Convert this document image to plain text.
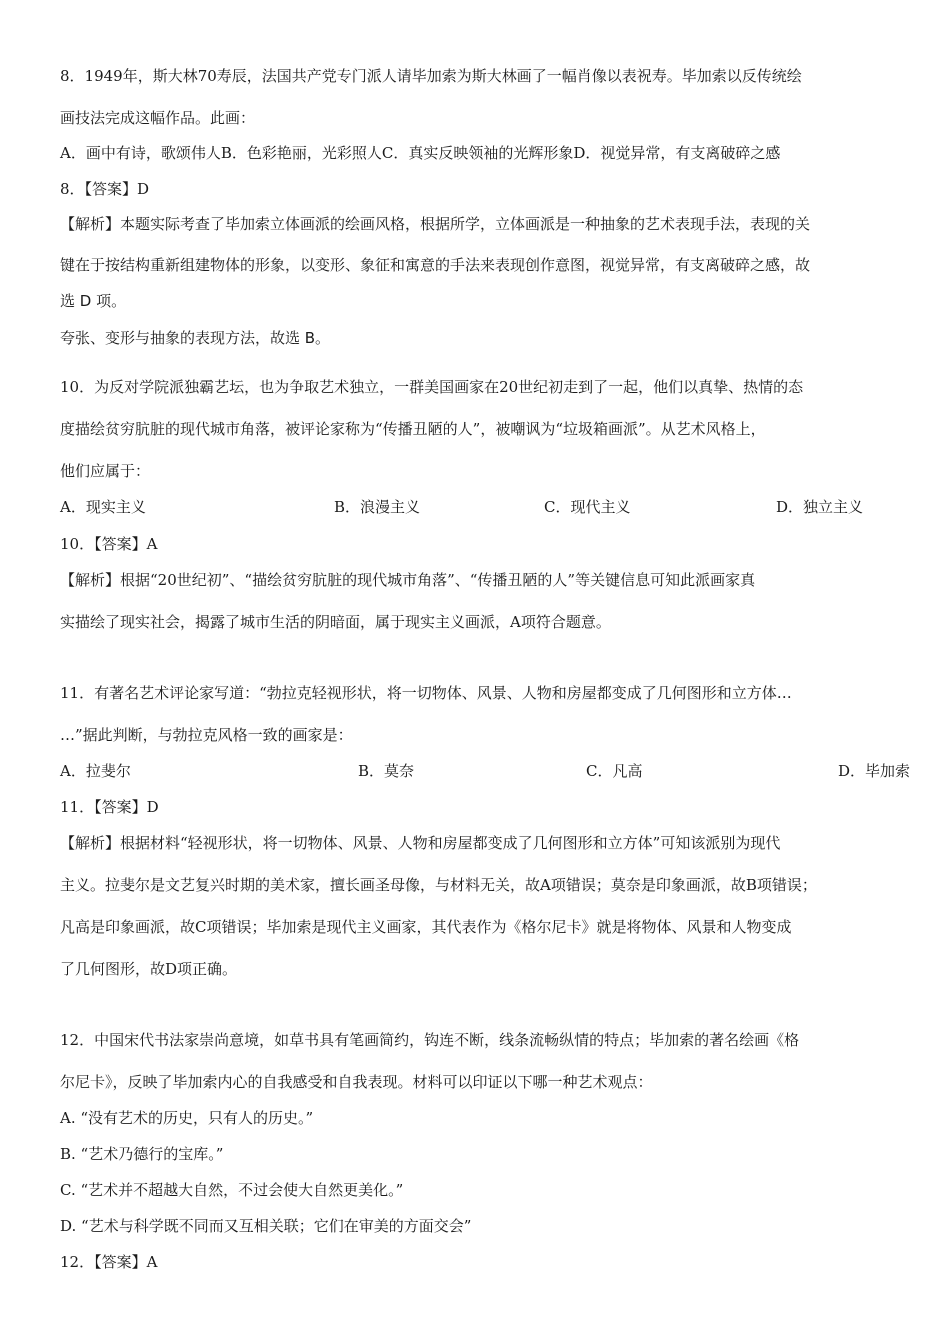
8．1949年，斯大林70寿辰，法国共产党专门派人请毕加索为斯大林画了一幅肖像以表祝寿。毕加索以反传统绘
画技法完成这幅作品。此画：
A．画中有诗，歌颂伟人B．色彩艳丽，光彩照人C．真实反映领袖的光辉形象D．视觉异常，有支离破碎之感
8．【答案】D
【解析】本题实际考查了毕加索立体画派的绘画风格，根据所学，立体画派是一种抽象的艺术表现手法，表现的关
键在于按结构重新组建物体的形象，以变形、象征和寓意的手法来表现创作意图，视觉异常，有支离破碎之感，故
选 D 项。
夸张、变形与抽象的表现方法，故选 B。
10．为反对学院派独霸艺坛，也为争取艺术独立，一群美国画家在20世纪初走到了一起，他们以真挚、热情的态
度描绘贫穷肮脏的现代城市角落，被评论家称为“传播丑陋的人”，被嘲讽为“垃圾箱画派”。从艺术风格上，
他们应属于：
A．现实主义	B．浪漫主义	C．现代主义	D．独立主义
10．【答案】A
【解析】根据“20世纪初”、“描绘贫穷肮脏的现代城市角落”、“传播丑陋的人”等关键信息可知此派画家真
实描绘了现实社会，揭露了城市生活的阴暗面，属于现实主义画派，A项符合题意。
11．有著名艺术评论家写道：“勃拉克轻视形状，将一切物体、风景、人物和房屋都变成了几何图形和立方体…
…”据此判断，与勃拉克风格一致的画家是：
A．拉斐尔	B．莫奈	C．凡高	D．毕加索
11．【答案】D
【解析】根据材料“轻视形状，将一切物体、风景、人物和房屋都变成了几何图形和立方体”可知该派别为现代
主义。拉斐尔是文艺复兴时期的美术家，擅长画圣母像，与材料无关，故A项错误；莫奈是印象画派，故B项错误；
凡高是印象画派，故C项错误；毕加索是现代主义画家，其代表作为《格尔尼卡》就是将物体、风景和人物变成
了几何图形，故D项正确。
12．中国宋代书法家崇尚意境，如草书具有笔画简约，钩连不断，线条流畅纵情的特点；毕加索的著名绘画《格
尔尼卡》，反映了毕加索内心的自我感受和自我表现。材料可以印证以下哪一种艺术观点：
A. “没有艺术的历史，只有人的历史。”
B. “艺术乃德行的宝库。”
C. “艺术并不超越大自然，不过会使大自然更美化。”
D. “艺术与科学既不同而又互相关联；它们在审美的方面交会”
12．【答案】A
